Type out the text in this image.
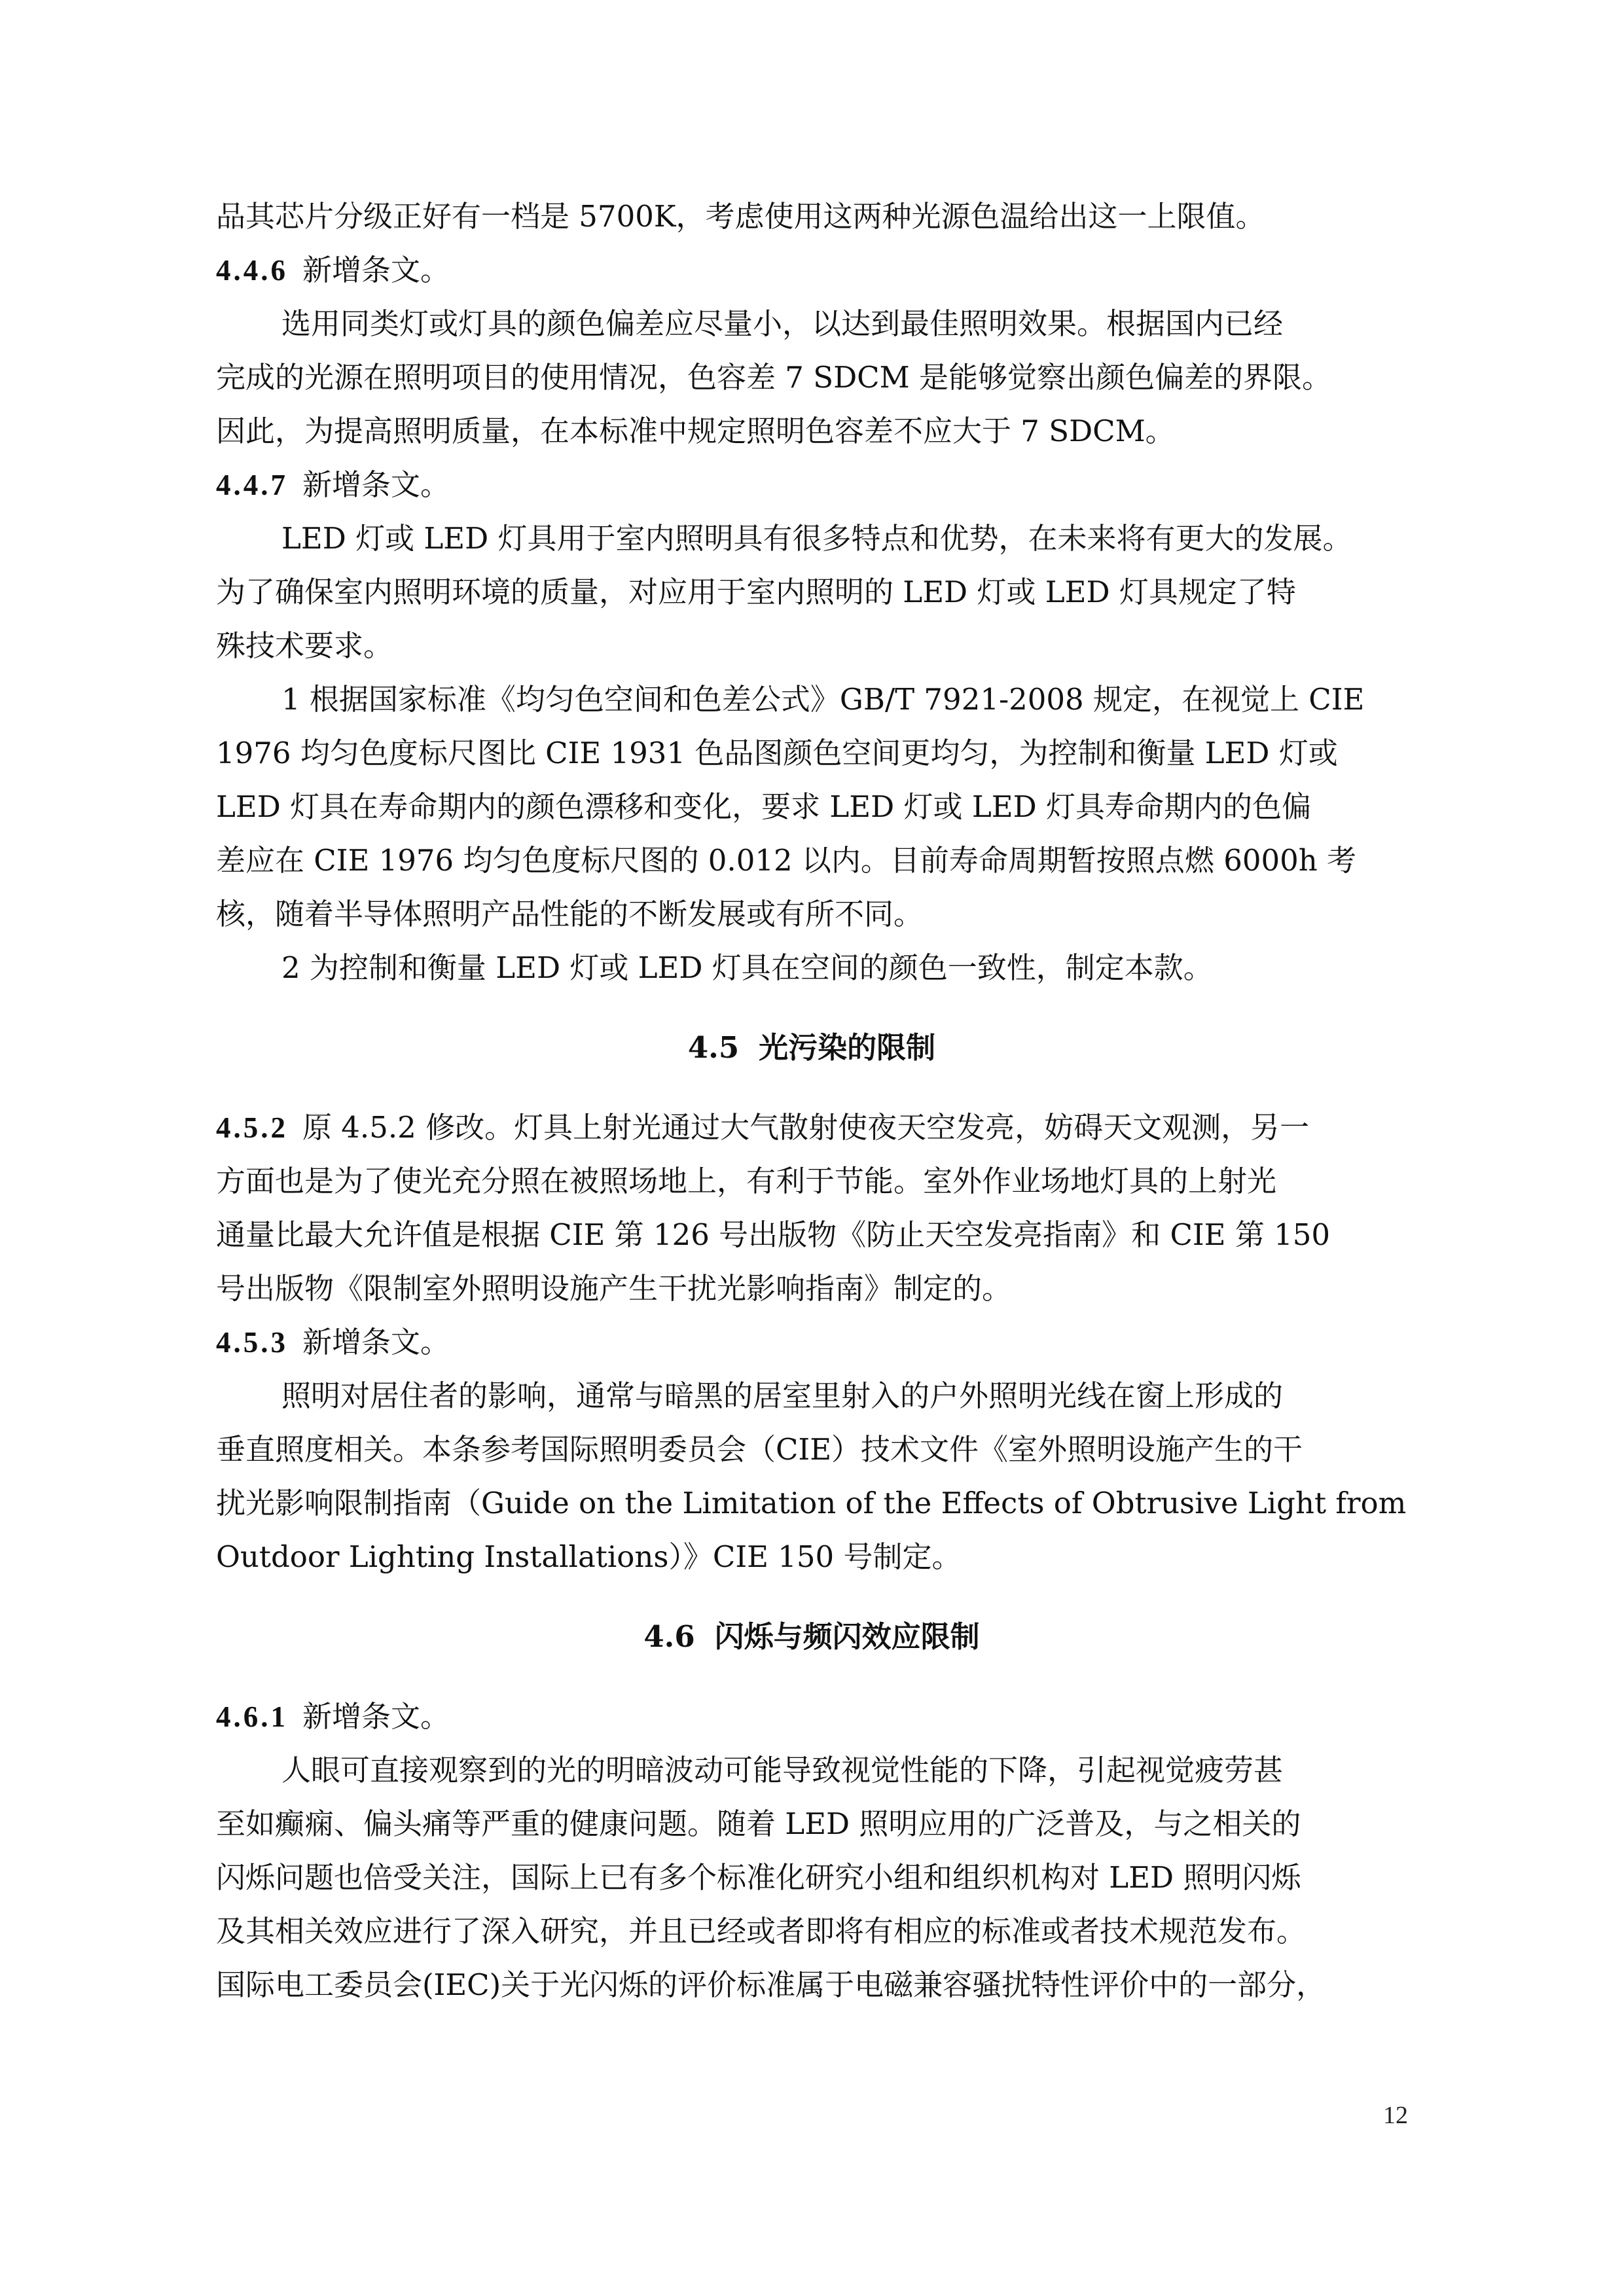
品其芯片分级正好有一档是 5700K，考虑使用这两种光源色温给出这一上限值。

4.4.6 新增条文。

选用同类灯或灯具的颜色偏差应尽量小，以达到最佳照明效果。根据国内已经

完成的光源在照明项目的使用情况，色容差 7 SDCM 是能够觉察出颜色偏差的界限。

因此，为提高照明质量，在本标准中规定照明色容差不应大于 7 SDCM。

4.4.7 新增条文。

LED 灯或 LED 灯具用于室内照明具有很多特点和优势，在未来将有更大的发展。

为了确保室内照明环境的质量，对应用于室内照明的 LED 灯或 LED 灯具规定了特

殊技术要求。

1 根据国家标准《均匀色空间和色差公式》GB/T 7921-2008 规定，在视觉上 CIE

1976 均匀色度标尺图比 CIE 1931 色品图颜色空间更均匀，为控制和衡量 LED 灯或

LED 灯具在寿命期内的颜色漂移和变化，要求 LED 灯或 LED 灯具寿命期内的色偏

差应在 CIE 1976 均匀色度标尺图的 0.012 以内。目前寿命周期暂按照点燃 6000h 考

核，随着半导体照明产品性能的不断发展或有所不同。

2 为控制和衡量 LED 灯或 LED 灯具在空间的颜色一致性，制定本款。

4.5 光污染的限制

4.5.2 原 4.5.2 修改。灯具上射光通过大气散射使夜天空发亮，妨碍天文观测，另一

方面也是为了使光充分照在被照场地上，有利于节能。室外作业场地灯具的上射光

通量比最大允许值是根据 CIE 第 126 号出版物《防止天空发亮指南》和 CIE 第 150

号出版物《限制室外照明设施产生干扰光影响指南》制定的。

4.5.3 新增条文。

照明对居住者的影响，通常与暗黑的居室里射入的户外照明光线在窗上形成的

垂直照度相关。本条参考国际照明委员会（CIE）技术文件《室外照明设施产生的干

扰光影响限制指南（Guide on the Limitation of the Effects of Obtrusive Light from

Outdoor Lighting Installations）》CIE 150 号制定。

4.6 闪烁与频闪效应限制

4.6.1 新增条文。

人眼可直接观察到的光的明暗波动可能导致视觉性能的下降，引起视觉疲劳甚

至如癫痫、偏头痛等严重的健康问题。随着 LED 照明应用的广泛普及，与之相关的

闪烁问题也倍受关注，国际上已有多个标准化研究小组和组织机构对 LED 照明闪烁

及其相关效应进行了深入研究，并且已经或者即将有相应的标准或者技术规范发布。

国际电工委员会(IEC)关于光闪烁的评价标准属于电磁兼容骚扰特性评价中的一部分，

12
